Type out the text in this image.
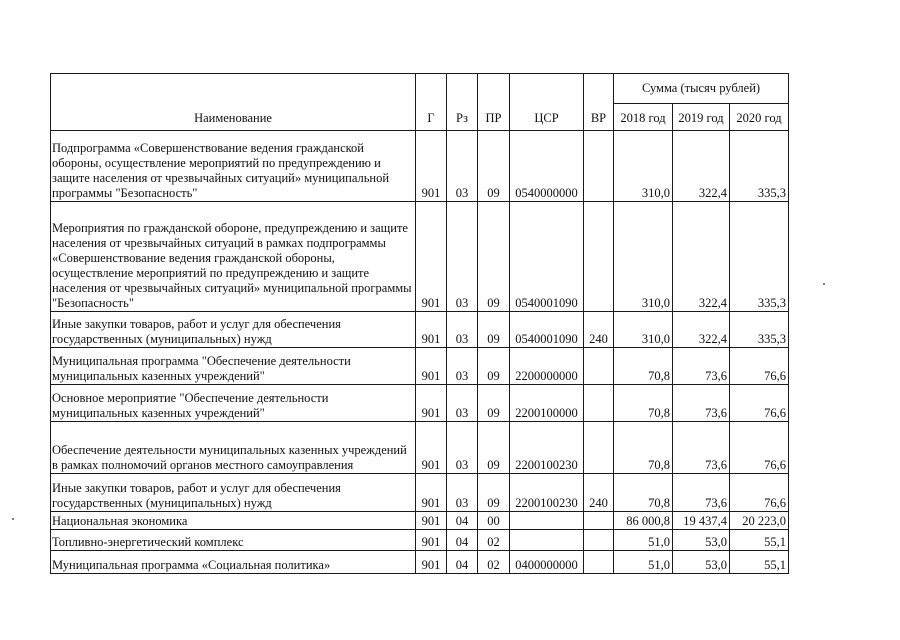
Наименование	Г	Рз	ПР	ЦСР	ВР	Сумма (тысяч рублей)		
						2018 год	2019 год	2020 год
Подпрограмма «Совершенствование ведения гражданской обороны, осуществление мероприятий по предупреждению и защите населения от чрезвычайных ситуаций» муниципальной программы "Безопасность"	901	03	09	0540000000		310,0	322,4	335,3
Мероприятия по гражданской обороне, предупреждению и защите населения от чрезвычайных ситуаций в рамках подпрограммы «Совершенствование ведения гражданской обороны, осуществление мероприятий по предупреждению и защите населения от чрезвычайных ситуаций» муниципальной программы "Безопасность"	901	03	09	0540001090		310,0	322,4	335,3
Иные закупки товаров, работ и услуг для обеспечения государственных (муниципальных) нужд	901	03	09	0540001090	240	310,0	322,4	335,3
Муниципальная программа "Обеспечение деятельности муниципальных казенных учреждений"	901	03	09	2200000000		70,8	73,6	76,6
Основное мероприятие "Обеспечение деятельности муниципальных казенных учреждений"	901	03	09	2200100000		70,8	73,6	76,6
Обеспечение деятельности муниципальных казенных учреждений в рамках полномочий органов местного самоуправления	901	03	09	2200100230		70,8	73,6	76,6
Иные закупки товаров, работ и услуг для обеспечения государственных (муниципальных) нужд	901	03	09	2200100230	240	70,8	73,6	76,6
Национальная экономика	901	04	00			86 000,8	19 437,4	20 223,0
Топливно-энергетический комплекс	901	04	02			51,0	53,0	55,1
Муниципальная программа «Социальная политика»	901	04	02	0400000000		51,0	53,0	55,1
